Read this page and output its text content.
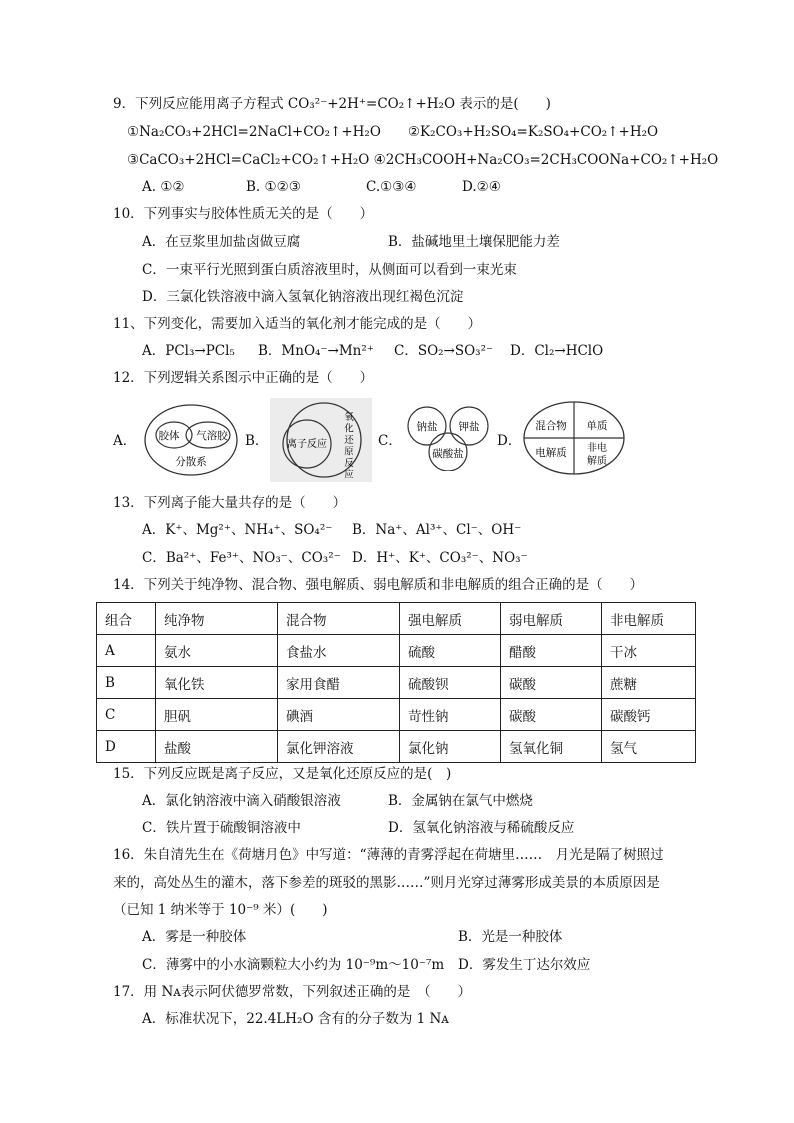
9．下列反应能用离子方程式 CO₃²⁻+2H⁺=CO₂↑+H₂O 表示的是(　　)
①Na₂CO₃+2HCl=2NaCl+CO₂↑+H₂O　　②K₂CO₃+H₂SO₄=K₂SO₄+CO₂↑+H₂O
③CaCO₃+2HCl=CaCl₂+CO₂↑+H₂O ④2CH₃COOH+Na₂CO₃=2CH₃COONa+CO₂↑+H₂O
A. ①②	B. ①②③	C.①③④	D.②④
10．下列事实与胶体性质无关的是（　　）
A．在豆浆里加盐卤做豆腐	B．盐碱地里土壤保肥能力差
C．一束平行光照到蛋白质溶液里时，从侧面可以看到一束光束
D．三氯化铁溶液中滴入氢氧化钠溶液出现红褐色沉淀
11、下列变化，需要加入适当的氧化剂才能完成的是（　　）
A．PCl₃→PCl₅ B．MnO₄⁻→Mn²⁺ C．SO₂→SO₃²⁻ D．Cl₂→HClO
12．下列逻辑关系图示中正确的是（　　）
A． 胶体 气溶胶
分散系
B． 离子反应
氧化还原反应
C．
钠盐 钾盐
碳酸盐
D．
混合物 单质
电解质 非电解质
13．下列离子能大量共存的是（　　）
A．K⁺、Mg²⁺、NH₄⁺、SO₄²⁻ B．Na⁺、Al³⁺、Cl⁻、OH⁻
C．Ba²⁺、Fe³⁺、NO₃⁻、CO₃²⁻ D．H⁺、K⁺、CO₃²⁻、NO₃⁻
14．下列关于纯净物、混合物、强电解质、弱电解质和非电解质的组合正确的是（　　）
组合	纯净物	混合物	强电解质	弱电解质	非电解质
A	氨水	食盐水	硫酸	醋酸	干冰
B	氧化铁	家用食醋	硫酸钡	碳酸	蔗糖
C	胆矾	碘酒	苛性钠	碳酸	碳酸钙
D	盐酸	氯化钾溶液	氯化钠	氢氧化铜	氢气
15．下列反应既是离子反应，又是氧化还原反应的是(　)
A．氯化钠溶液中滴入硝酸银溶液	B．金属钠在氯气中燃烧
C．铁片置于硫酸铜溶液中	D．氢氧化钠溶液与稀硫酸反应
16．朱自清先生在《荷塘月色》中写道：“薄薄的青雾浮起在荷塘里……　月光是隔了树照过
来的，高处丛生的灌木，落下参差的斑驳的黑影……”则月光穿过薄雾形成美景的本质原因是
（已知 1 纳米等于 10⁻⁹ 米）(　　)
A．雾是一种胶体	B．光是一种胶体
C．薄雾中的小水滴颗粒大小约为 10⁻⁹m～10⁻⁷m D．雾发生丁达尔效应
17．用 Nᴀ表示阿伏德罗常数，下列叙述正确的是　（　　）
A．标准状况下，22.4LH₂O 含有的分子数为 1 Nᴀ
